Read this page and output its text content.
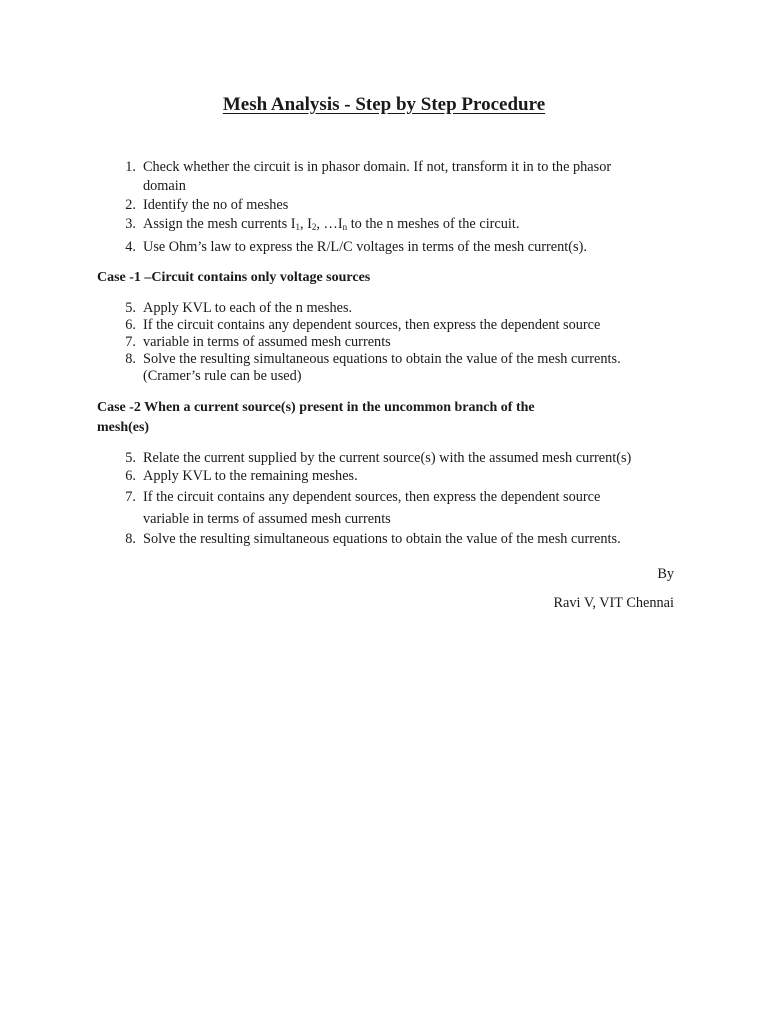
Mesh Analysis - Step by Step Procedure
1. Check whether the circuit is in phasor domain. If not, transform it in to the phasor
domain
2. Identify the no of meshes
3. Assign the mesh currents $I_1$, $I_2$, $\dots I_n$ to the n meshes of the circuit.
4. Use Ohm’s law to express the R/L/C voltages in terms of the mesh current(s).
Case -1 –Circuit contains only voltage sources
5. Apply KVL to each of the n meshes.
6. If the circuit contains any dependent sources, then express the dependent source
7. variable in terms of assumed mesh currents
8. Solve the resulting simultaneous equations to obtain the value of the mesh currents.
(Cramer’s rule can be used)
Case -2 When a current source(s) present in the uncommon branch of the
mesh(es)
5. Relate the current supplied by the current source(s) with the assumed mesh current(s)
6. Apply KVL to the remaining meshes.
7. If the circuit contains any dependent sources, then express the dependent source
variable in terms of assumed mesh currents
8. Solve the resulting simultaneous equations to obtain the value of the mesh currents.
By
Ravi V, VIT Chennai
